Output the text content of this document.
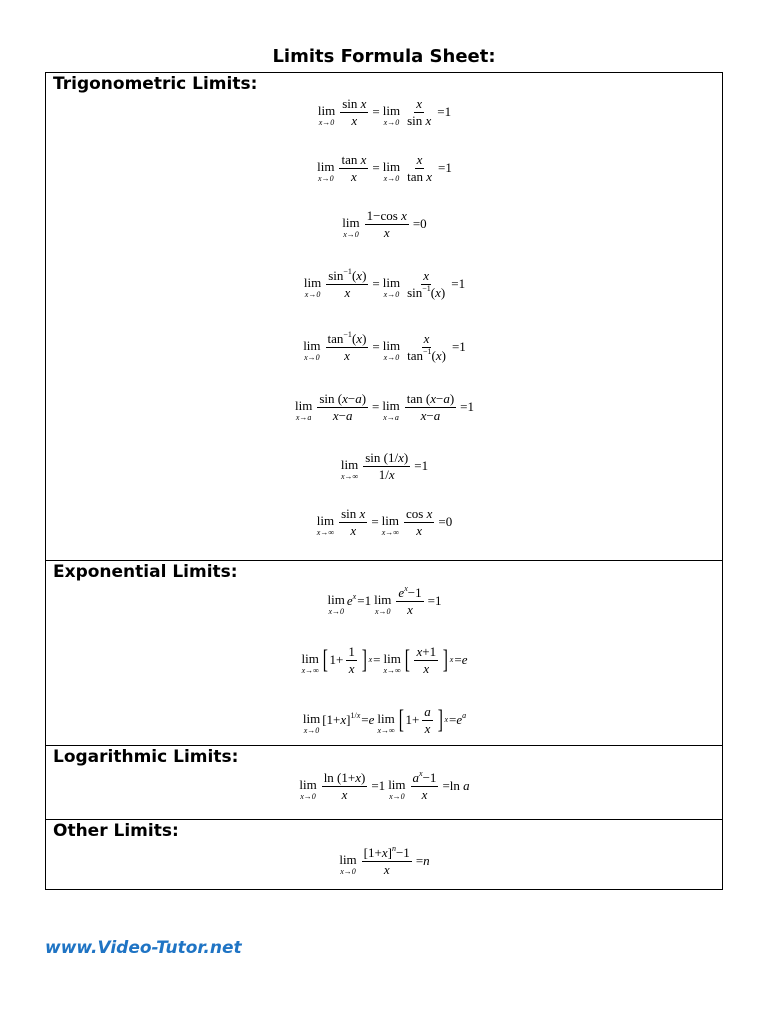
Limits Formula Sheet:
Trigonometric Limits:
lim
$x\to 0 \frac{\text{sin x}}{x} = \lim$
$x\to 0 \frac{x}{\text{sin x}} =1$
lim
$x\to 0 \frac{\text{tan x}}{x} = \lim$
$x\to 0 \frac{x}{\text{tan x}} =1$
lim
$x\to 0 \frac{\text{1−cos x}}{x} =0$
lim
$x\to 0 \frac{\sin^{-1}(x)}{x} = \lim$
$x\to 0 \frac{x}{\sin^{-1}(x)} =1$
lim
$x\to 0 \frac{\tan^{-1}(x)}{x} = \lim$
$x\to 0 \frac{x}{\tan^{-1}(x)} =1$
lim
$x\to a \frac{\sin (x-a)}{x-a} = \lim$
$x\to a \frac{\tan (x-a)}{x-a} =1$
lim
$x\to\infty \frac{\sin (1/x)}{1/x} =1$
lim
$x\to\infty \frac{\text{sin x}}{x} = \lim$
$x\to\infty \frac{\text{cos x}}{x} =0$
Exponential Limits:
lim
x→0
$e^x =1$ lim
$x\to 0 \frac{e^x-1}{x} =1$
lim
x→∞ [ $1+ \frac{1}{x}$ ] x = lim
x→∞ [ $\frac{x+1}{x}$ ] x =e
lim
x→0
$[1+x]^{1/x} =e$ lim
x→∞ [ $1+ \frac{a}{x}$ ] $x =e^a$
Logarithmic Limits:
lim
$x\to 0 \frac{\ln (1+x)}{x} =1$ lim
$x\to 0 \frac{a^x-1}{x} =\ln$ a
Other Limits:
lim
$x\to 0 \frac{[1+x]^n-1}{x} =n$
www.Video-Tutor.net
